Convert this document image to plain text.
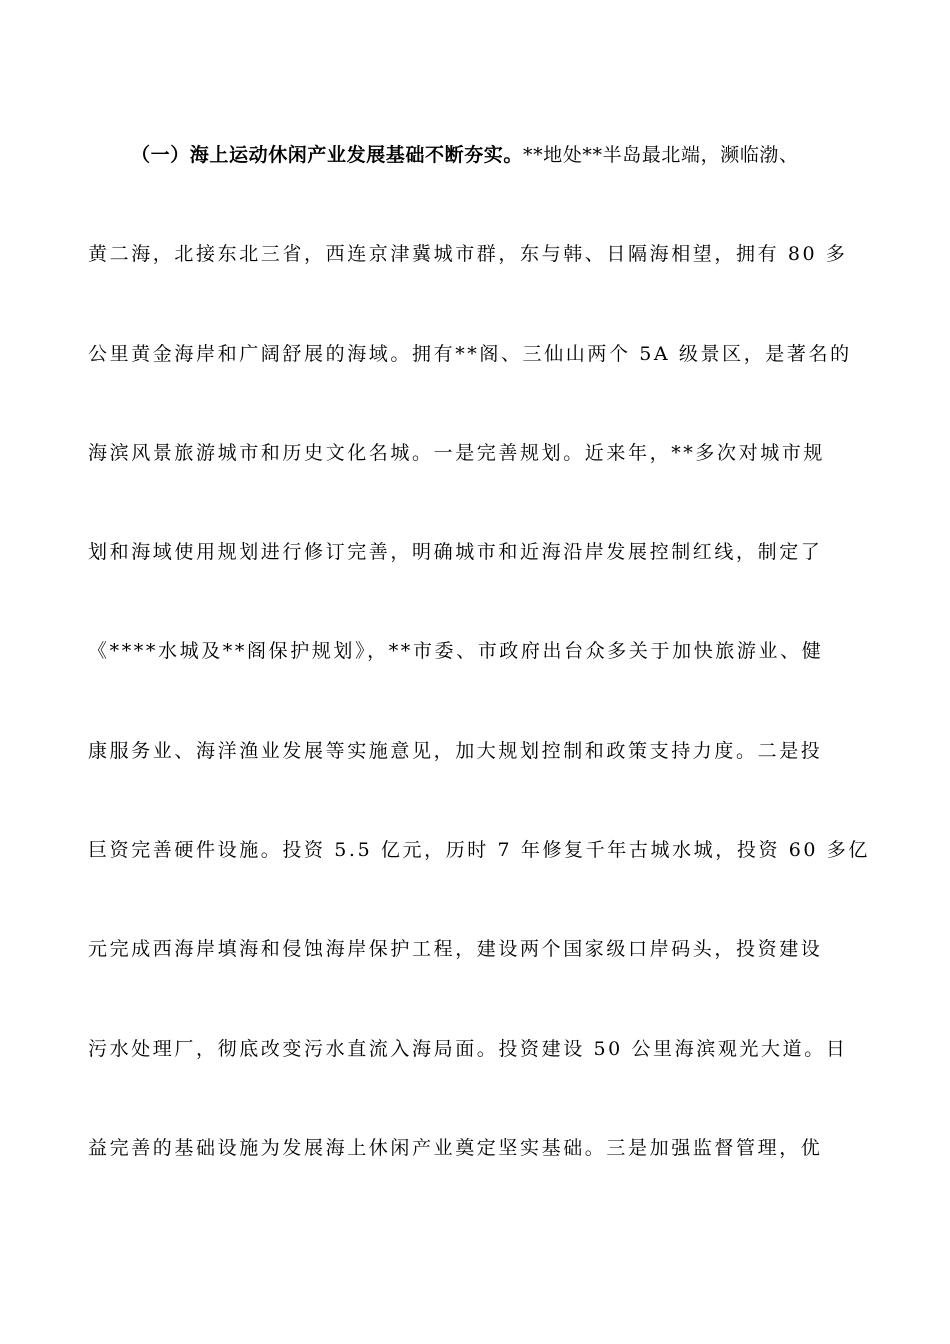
（一）海上运动休闲产业发展基础不断夯实。**地处**半岛最北端，濒临渤、
黄二海，北接东北三省，西连京津冀城市群，东与韩、日隔海相望，拥有 80 多
公里黄金海岸和广阔舒展的海域。拥有**阁、三仙山两个 5A 级景区，是著名的
海滨风景旅游城市和历史文化名城。一是完善规划。近来年，**多次对城市规
划和海域使用规划进行修订完善，明确城市和近海沿岸发展控制红线，制定了
《****水城及**阁保护规划》，**市委、市政府出台众多关于加快旅游业、健
康服务业、海洋渔业发展等实施意见，加大规划控制和政策支持力度。二是投
巨资完善硬件设施。投资 5.5 亿元，历时 7 年修复千年古城水城，投资 60 多亿
元完成西海岸填海和侵蚀海岸保护工程，建设两个国家级口岸码头，投资建设
污水处理厂，彻底改变污水直流入海局面。投资建设 50 公里海滨观光大道。日
益完善的基础设施为发展海上休闲产业奠定坚实基础。三是加强监督管理，优
